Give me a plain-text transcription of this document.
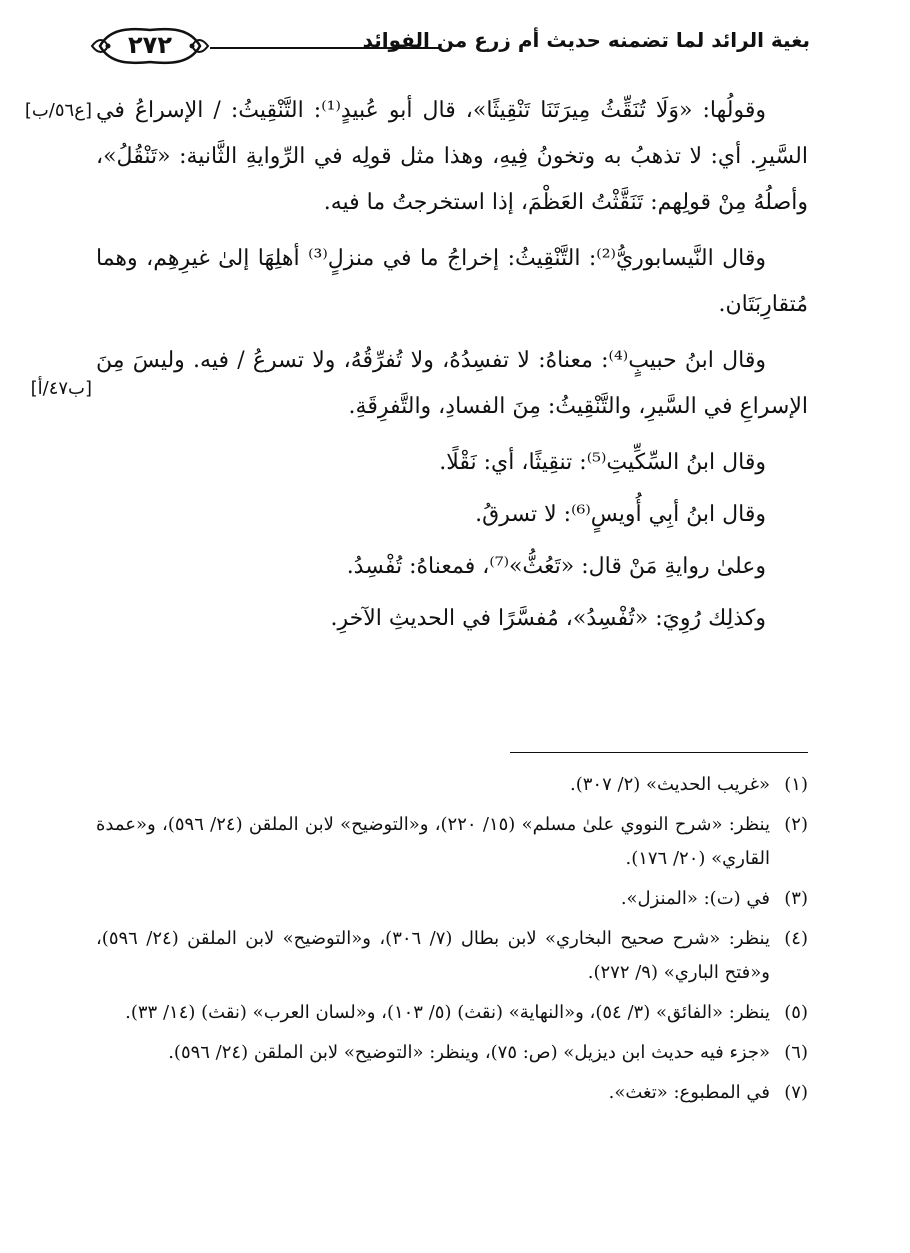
٢٧٢	بغية الرائد لما تضمنه حديث أم زرع من الفوائد
[ع٥٦/ب] وقولُها: «وَلَا تُنَقِّثُ مِيرَتَنَا تَنْقِيثًا»، قال أبو عُبيدٍ⁽¹⁾: التَّنْقِيثُ: / الإسراعُ في السَّيرِ. أي: لا تذهبُ به وتخونُ فِيهِ، وهذا مثل قولِه في الرِّوايةِ الثَّانية: «تَنْقُلُ»، وأصلُهُ مِنْ قولِهم: تَنَقَّثْتُ العَظْمَ، إذا استخرجتُ ما فيه.

وقال النَّيسابوريُّ⁽²⁾: التَّنْقِيثُ: إخراجُ ما في منزلٍ⁽³⁾ أهلِهَا إلىٰ غيرِهِم، وهما مُتقارِبَتَان.

[ب٤٧/أ]

وقال ابنُ حبيبٍ⁽⁴⁾: معناهُ: لا تفسِدُهُ، ولا تُفرِّقُهُ، ولا تسرعُ / فيه. وليسَ مِنَ الإسراعِ في السَّيرِ، والتَّنْقِيثُ: مِنَ الفسادِ، والتَّفرِقَةِ.

وقال ابنُ السِّكِّيتِ⁽⁵⁾: تنقِيثًا، أي: نَقْلًا.

وقال ابنُ أبِي أُويسٍ⁽⁶⁾: لا تسرقُ.

وعلىٰ روايةِ مَنْ قال: «تَعُثُّ»⁽⁷⁾، فمعناهُ: تُفْسِدُ.

وكذلِك رُوِيَ: «تُفْسِدُ»، مُفسَّرًا في الحديثِ الآخرِ.

(١)
«غريب الحديث» (٢/ ٣٠٧).
(٢)
ينظر: «شرح النووي علىٰ مسلم» (١٥/ ٢٢٠)، و«التوضيح» لابن الملقن (٢٤/ ٥٩٦)، و«عمدة القاري» (٢٠/ ١٧٦).
(٣)
في (ت): «المنزل».
(٤)
ينظر: «شرح صحيح البخاري» لابن بطال (٧/ ٣٠٦)، و«التوضيح» لابن الملقن (٢٤/ ٥٩٦)، و«فتح الباري» (٩/ ٢٧٢).
(٥)
ينظر: «الفائق» (٣/ ٥٤)، و«النهاية» (نقث) (٥/ ١٠٣)، و«لسان العرب» (نقث) (١٤/ ٣٣).
(٦)
«جزء فيه حديث ابن ديزيل» (ص: ٧٥)، وينظر: «التوضيح» لابن الملقن (٢٤/ ٥٩٦).
(٧)
في المطبوع: «تغث».
